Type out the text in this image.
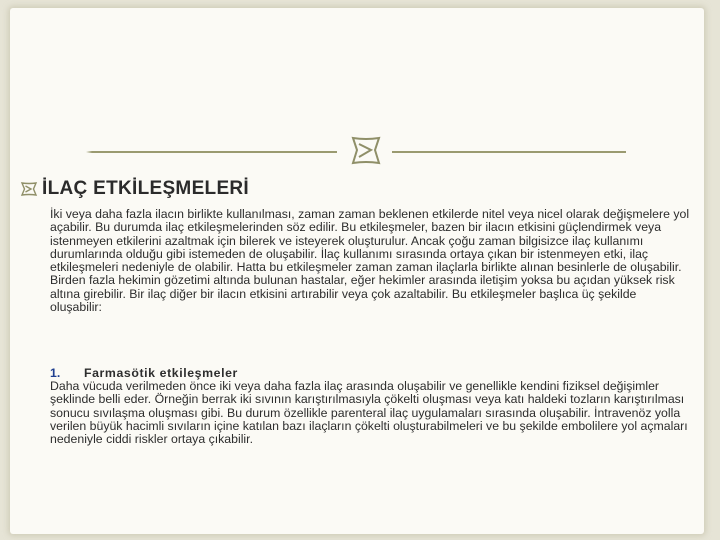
İLAÇ ETKİLEŞMELERİ

İki veya daha fazla ilacın birlikte kullanılması, zaman zaman beklenen etkilerde nitel veya nicel olarak değişmelere yol açabilir. Bu durumda ilaç etkileşmelerinden söz edilir. Bu etkileşmeler, bazen bir ilacın etkisini güçlendirmek veya istenmeyen etkilerini azaltmak için bilerek ve isteyerek oluşturulur. Ancak çoğu zaman bilgisizce ilaç kullanımı durumlarında olduğu gibi istemeden de oluşabilir. İlaç kullanımı sırasında ortaya çıkan bir istenmeyen etki, ilaç etkileşmeleri nedeniyle de olabilir. Hatta bu etkileşmeler zaman zaman ilaçlarla birlikte alınan besinlerle de oluşabilir. Birden fazla hekimin gözetimi altında bulunan hastalar, eğer hekimler arasında iletişim yoksa bu açıdan yüksek risk altına girebilir. Bir ilaç diğer bir ilacın etkisini artırabilir veya çok azaltabilir. Bu etkileşmeler başlıca üç şekilde oluşabilir:

1. Farmasötik etkileşmeler

Daha vücuda verilmeden önce iki veya daha fazla ilaç arasında oluşabilir ve genellikle kendini fiziksel değişimler şeklinde belli eder. Örneğin berrak iki sıvının karıştırılmasıyla çökelti oluşması veya katı haldeki tozların karıştırılması sonucu sıvılaşma oluşması gibi. Bu durum özellikle parenteral ilaç uygulamaları sırasında oluşabilir. İntravenöz yolla verilen büyük hacimli sıvıların içine katılan bazı ilaçların çökelti oluşturabilmeleri ve bu şekilde embolilere yol açmaları nedeniyle ciddi riskler ortaya çıkabilir.
